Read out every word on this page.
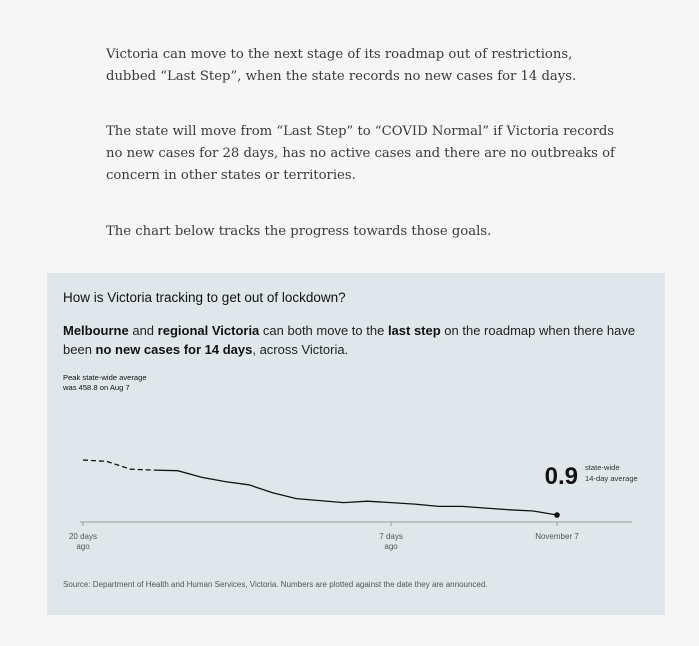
Victoria can move to the next stage of its roadmap out of restrictions, dubbed “Last Step”, when the state records no new cases for 14 days.

The state will move from “Last Step” to “COVID Normal” if Victoria records no new cases for 28 days, has no active cases and there are no outbreaks of concern in other states or territories.

The chart below tracks the progress towards those goals.

How is Victoria tracking to get out of lockdown?

Melbourne and regional Victoria can both move to the last step on the roadmap when there have been no new cases for 14 days, across Victoria.

Peak state-wide average
was 458.8 on Aug 7

20 days
ago
7 days
ago
November 7
0.9 state-wide
14-day average

Source: Department of Health and Human Services, Victoria. Numbers are plotted against the date they are announced.
